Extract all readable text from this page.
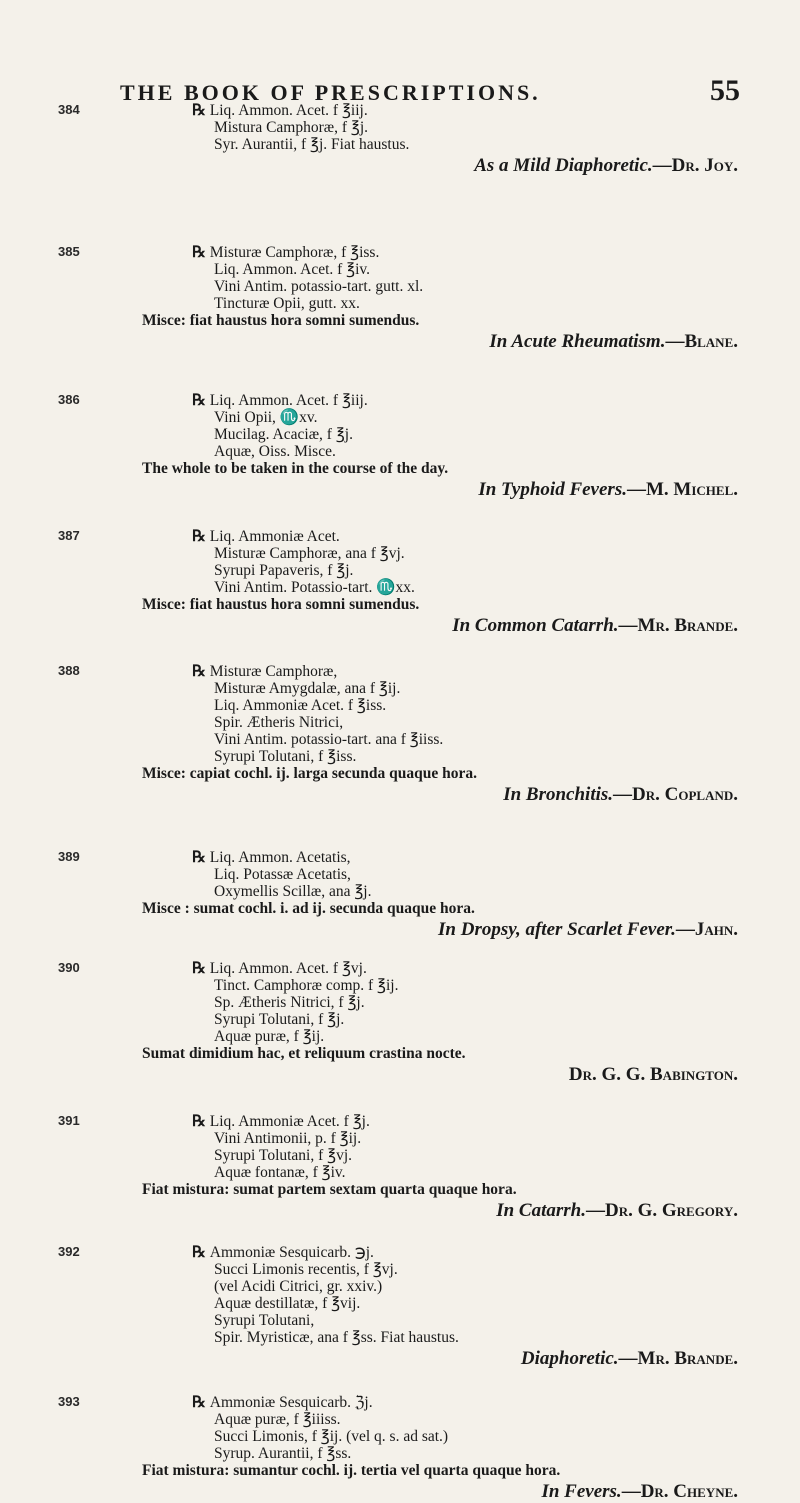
THE BOOK OF PRESCRIPTIONS.	55
384	℞ Liq. Ammon. Acet. f ℥iij.
Mistura Camphoræ, f ℥j.
Syr. Aurantii, f ℥j. Fiat haustus.
As a Mild Diaphoretic.—Dr. Joy.
385	℞ Misturæ Camphoræ, f ℥iss.
Liq. Ammon. Acet. f ℥iv.
Vini Antim. potassio-tart. gutt. xl.
Tincturæ Opii, gutt. xx.
Misce: fiat haustus hora somni sumendus.
In Acute Rheumatism.—Blane.
386	℞ Liq. Ammon. Acet. f ℥iij.
Vini Opii, ♏xv.
Mucilag. Acaciæ, f ℥j.
Aquæ, Oiss. Misce.
The whole to be taken in the course of the day.
In Typhoid Fevers.—M. Michel.
387	℞ Liq. Ammoniæ Acet.
Misturæ Camphoræ, ana f ℥vj.
Syrupi Papaveris, f ℥j.
Vini Antim. Potassio-tart. ♏xx.
Misce: fiat haustus hora somni sumendus.
In Common Catarrh.—Mr. Brande.
388	℞ Misturæ Camphoræ,
Misturæ Amygdalæ, ana f ℥ij.
Liq. Ammoniæ Acet. f ℥iss.
Spir. Ætheris Nitrici,
Vini Antim. potassio-tart. ana f ℥iiss.
Syrupi Tolutani, f ℥iss.
Misce: capiat cochl. ij. larga secunda quaque hora.
In Bronchitis.—Dr. Copland.
389	℞ Liq. Ammon. Acetatis,
Liq. Potassæ Acetatis,
Oxymellis Scillæ, ana ℥j.
Misce : sumat cochl. i. ad ij. secunda quaque hora.
In Dropsy, after Scarlet Fever.—Jahn.
390	℞ Liq. Ammon. Acet. f ℥vj.
Tinct. Camphoræ comp. f ℥ij.
Sp. Ætheris Nitrici, f ℥j.
Syrupi Tolutani, f ℥j.
Aquæ puræ, f ℥ij.
Sumat dimidium hac, et reliquum crastina nocte.
Dr. G. G. Babington.
391	℞ Liq. Ammoniæ Acet. f ℥j.
Vini Antimonii, p. f ℥ij.
Syrupi Tolutani, f ℥vj.
Aquæ fontanæ, f ℥iv.
Fiat mistura: sumat partem sextam quarta quaque hora.
In Catarrh.—Dr. G. Gregory.
392	℞ Ammoniæ Sesquicarb. ℈j.
Succi Limonis recentis, f ℥vj.
(vel Acidi Citrici, gr. xxiv.)
Aquæ destillatæ, f ℥vij.
Syrupi Tolutani,
Spir. Myristicæ, ana f ℥ss. Fiat haustus.
Diaphoretic.—Mr. Brande.
393	℞ Ammoniæ Sesquicarb. ℨj.
Aquæ puræ, f ℥iiiss.
Succi Limonis, f ℥ij. (vel q. s. ad sat.)
Syrup. Aurantii, f ℥ss.
Fiat mistura: sumantur cochl. ij. tertia vel quarta quaque hora.
In Fevers.—Dr. Cheyne.
